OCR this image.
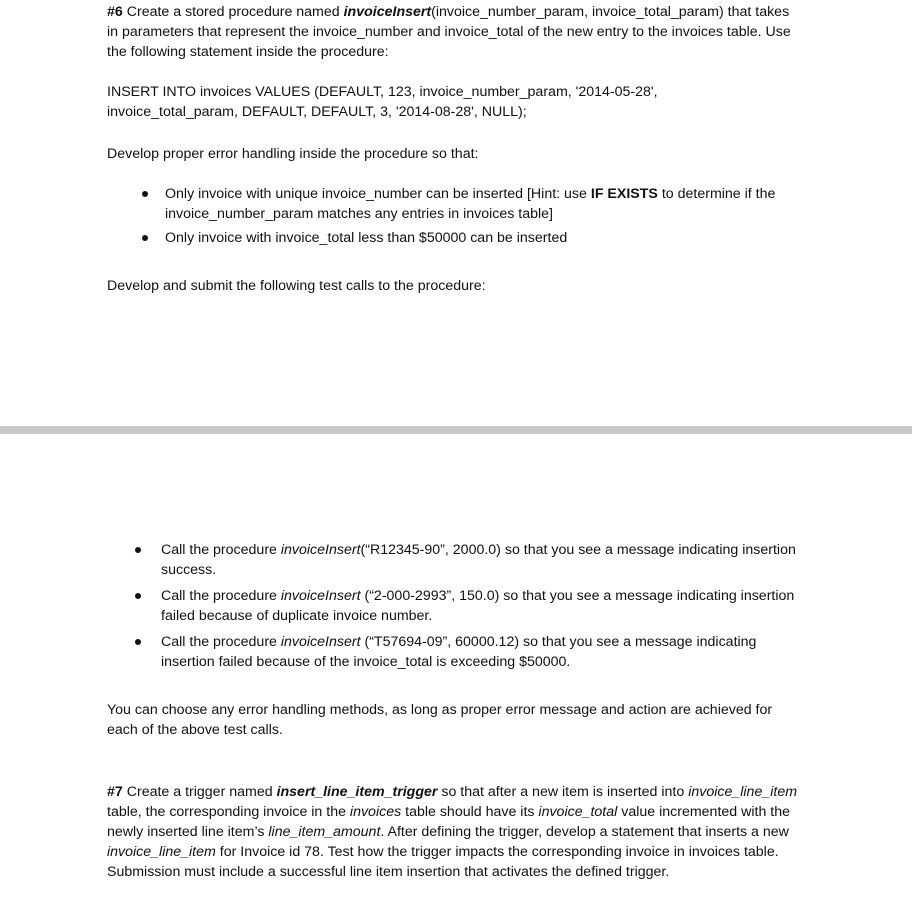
#6 Create a stored procedure named invoiceInsert(invoice_number_param, invoice_total_param) that takes in parameters that represent the invoice_number and invoice_total of the new entry to the invoices table. Use the following statement inside the procedure:

INSERT INTO invoices VALUES (DEFAULT, 123, invoice_number_param, '2014-05-28',

invoice_total_param, DEFAULT, DEFAULT, 3, '2014-08-28', NULL);

Develop proper error handling inside the procedure so that:

Only invoice with unique invoice_number can be inserted [Hint: use IF EXISTS to determine if the invoice_number_param matches any entries in invoices table]
Only invoice with invoice_total less than $50000 can be inserted

Develop and submit the following test calls to the procedure:

Call the procedure invoiceInsert(“R12345-90”, 2000.0) so that you see a message indicating insertion success.
Call the procedure invoiceInsert (“2-000-2993”, 150.0) so that you see a message indicating insertion failed because of duplicate invoice number.
Call the procedure invoiceInsert (“T57694-09”, 60000.12) so that you see a message indicating insertion failed because of the invoice_total is exceeding $50000.

You can choose any error handling methods, as long as proper error message and action are achieved for each of the above test calls.

#7 Create a trigger named insert_line_item_trigger so that after a new item is inserted into invoice_line_item table, the corresponding invoice in the invoices table should have its invoice_total value incremented with the newly inserted line item’s line_item_amount. After defining the trigger, develop a statement that inserts a new invoice_line_item for Invoice id 78. Test how the trigger impacts the corresponding invoice in invoices table. Submission must include a successful line item insertion that activates the defined trigger.
